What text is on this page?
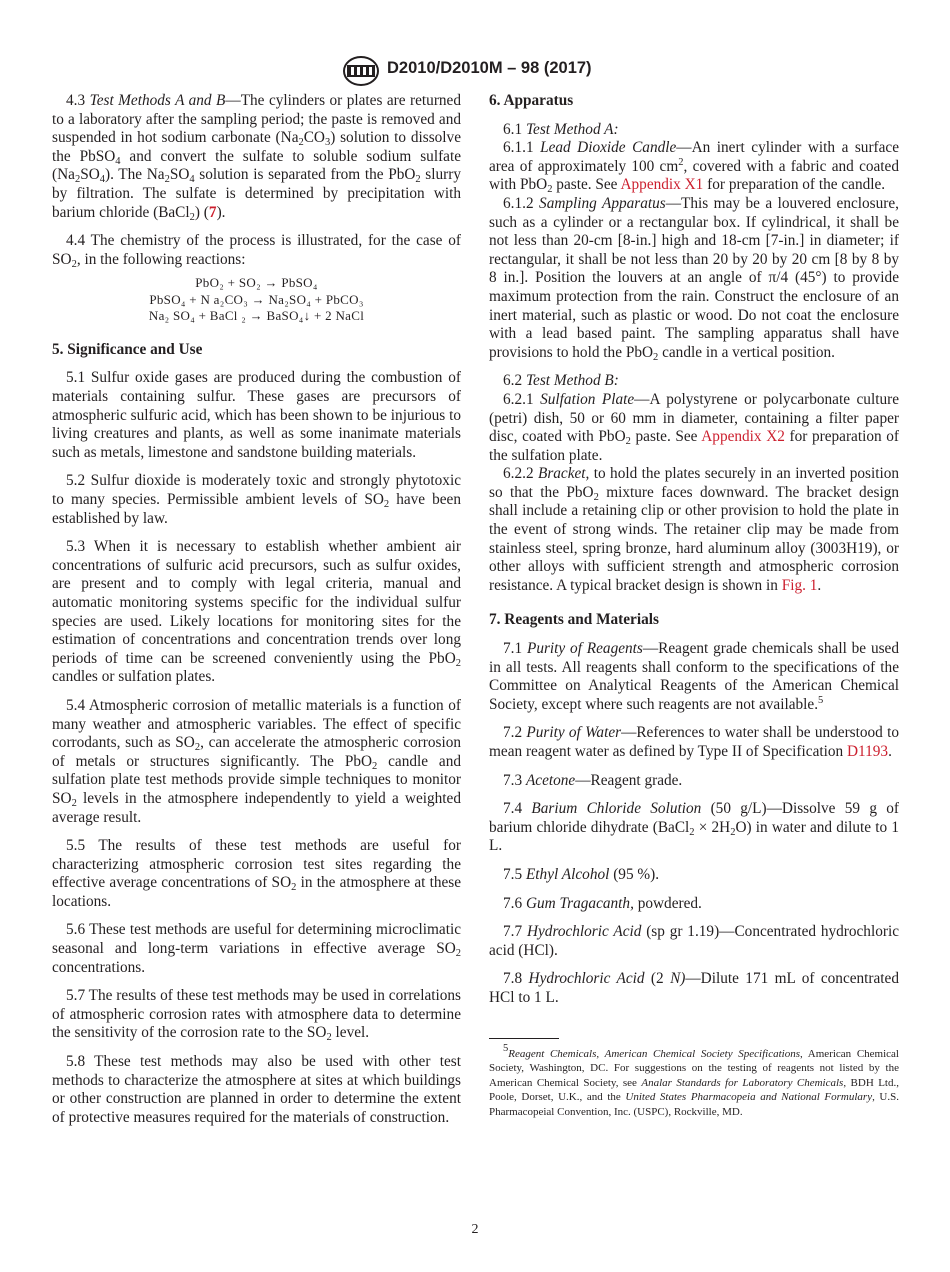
D2010/D2010M – 98 (2017)

4.3 Test Methods A and B—The cylinders or plates are returned to a laboratory after the sampling period; the paste is removed and suspended in hot sodium carbonate $(Na_2CO_3)$ solution to dissolve the PbSO$_4$ and convert the sulfate to soluble sodium sulfate $(Na_2SO_4)$. The $Na_2SO_4$ solution is separated from the PbO$_2$ slurry by filtration. The sulfate is determined by precipitation with barium chloride (BaCl$_2$) (7).

4.4 The chemistry of the process is illustrated, for the case of $SO_2$, in the following reactions:

PbO₂ + SO₂ → PbSO₄
PbSO₄ + N a₂CO₃ → Na₂SO₄ + PbCO₃
Na₂ SO₄ + BaCl ₂ → BaSO₄↓ + 2 NaCl
5. Significance and Use

5.1 Sulfur oxide gases are produced during the combustion of materials containing sulfur. These gases are precursors of atmospheric sulfuric acid, which has been shown to be injurious to living creatures and plants, as well as some inanimate materials such as metals, limestone and sandstone building materials.

5.2 Sulfur dioxide is moderately toxic and strongly phytotoxic to many species. Permissible ambient levels of $SO_2$ have been established by law.

5.3 When it is necessary to establish whether ambient air concentrations of sulfuric acid precursors, such as sulfur oxides, are present and to comply with legal criteria, manual and automatic monitoring systems specific for the individual sulfur species are used. Likely locations for monitoring sites for the estimation of concentrations and concentration trends over long periods of time can be screened conveniently using the PbO$_2$ candles or sulfation plates.

5.4 Atmospheric corrosion of metallic materials is a function of many weather and atmospheric variables. The effect of specific corrodants, such as $SO_2$, can accelerate the atmospheric corrosion of metals or structures significantly. The PbO$_2$ candle and sulfation plate test methods provide simple techniques to monitor $SO_2$ levels in the atmosphere independently to yield a weighted average result.

5.5 The results of these test methods are useful for characterizing atmospheric corrosion test sites regarding the effective average concentrations of $SO_2$ in the atmosphere at these locations.

5.6 These test methods are useful for determining microclimatic seasonal and long-term variations in effective average $SO_2$ concentrations.

5.7 The results of these test methods may be used in correlations of atmospheric corrosion rates with atmosphere data to determine the sensitivity of the corrosion rate to the $SO_2$ level.

5.8 These test methods may also be used with other test methods to characterize the atmosphere at sites at which buildings or other construction are planned in order to determine the extent of protective measures required for the materials of construction.

6. Apparatus

6.1 Test Method A:

6.1.1 Lead Dioxide Candle—An inert cylinder with a surface area of approximately 100 $cm^2$, covered with a fabric and coated with PbO$_2$ paste. See Appendix X1 for preparation of the candle.

6.1.2 Sampling Apparatus—This may be a louvered enclosure, such as a cylinder or a rectangular box. If cylindrical, it shall be not less than 20-cm [8-in.] high and 18-cm [7-in.] in diameter; if rectangular, it shall be not less than 20 by 20 by 20 cm [8 by 8 by 8 in.]. Position the louvers at an angle of π/4 (45°) to provide maximum protection from the rain. Construct the enclosure of an inert material, such as plastic or wood. Do not coat the enclosure with a lead based paint. The sampling apparatus shall have provisions to hold the PbO$_2$ candle in a vertical position.

6.2 Test Method B:

6.2.1 Sulfation Plate—A polystyrene or polycarbonate culture (petri) dish, 50 or 60 mm in diameter, containing a filter paper disc, coated with PbO$_2$ paste. See Appendix X2 for preparation of the sulfation plate.

6.2.2 Bracket, to hold the plates securely in an inverted position so that the PbO$_2$ mixture faces downward. The bracket design shall include a retaining clip or other provision to hold the plate in the event of strong winds. The retainer clip may be made from stainless steel, spring bronze, hard aluminum alloy (3003H19), or other alloys with sufficient strength and atmospheric corrosion resistance. A typical bracket design is shown in Fig. 1.

7. Reagents and Materials

7.1 Purity of Reagents—Reagent grade chemicals shall be used in all tests. All reagents shall conform to the specifications of the Committee on Analytical Reagents of the American Chemical Society, except where such reagents are not available.$^5$

7.2 Purity of Water—References to water shall be understood to mean reagent water as defined by Type II of Specification D1193.

7.3 Acetone—Reagent grade.

7.4 Barium Chloride Solution (50 g/L)—Dissolve 59 g of barium chloride dihydrate (BaCl$_2$ × $2H_2O$) in water and dilute to 1 L.

7.5 Ethyl Alcohol (95 %).

7.6 Gum Tragacanth, powdered.

7.7 Hydrochloric Acid (sp gr 1.19)—Concentrated hydrochloric acid (HCl).

7.8 Hydrochloric Acid (2 N)—Dilute 171 mL of concentrated HCl to 1 L.

$^5$Reagent Chemicals, American Chemical Society Specifications, American Chemical Society, Washington, DC. For suggestions on the testing of reagents not listed by the American Chemical Society, see Analar Standards for Laboratory Chemicals, BDH Ltd., Poole, Dorset, U.K., and the United States Pharmacopeia and National Formulary, U.S. Pharmacopeial Convention, Inc. (USPC), Rockville, MD.

2
